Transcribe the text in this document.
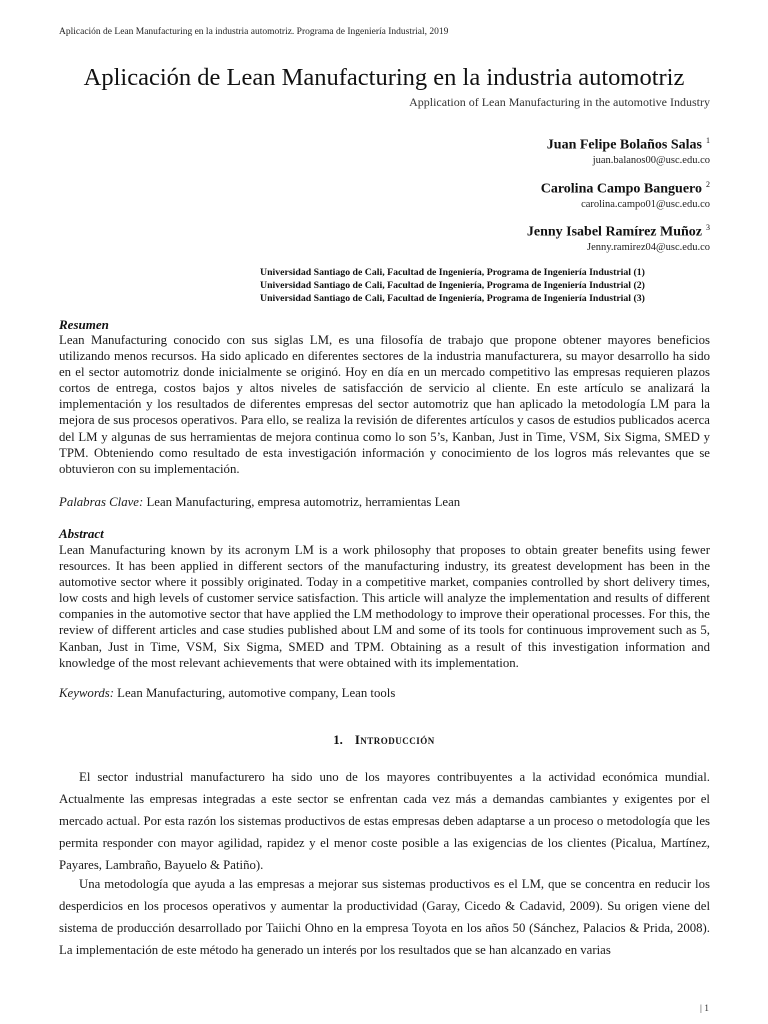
Aplicación de Lean Manufacturing en la industria automotriz. Programa de Ingeniería Industrial, 2019
Aplicación de Lean Manufacturing en la industria automotriz
Application of Lean Manufacturing in the automotive Industry
Juan Felipe Bolaños Salas $^1$
juan.balanos00@usc.edu.co
Carolina Campo Banguero $^2$
carolina.campo01@usc.edu.co
Jenny Isabel Ramírez Muñoz $^3$
Jenny.ramirez04@usc.edu.co
Universidad Santiago de Cali, Facultad de Ingeniería, Programa de Ingeniería Industrial (1)
Universidad Santiago de Cali, Facultad de Ingeniería, Programa de Ingeniería Industrial (2)
Universidad Santiago de Cali, Facultad de Ingeniería, Programa de Ingeniería Industrial (3)
Resumen
Lean Manufacturing conocido con sus siglas LM, es una filosofía de trabajo que propone obtener mayores beneficios utilizando menos recursos. Ha sido aplicado en diferentes sectores de la industria manufacturera, su mayor desarrollo ha sido en el sector automotriz donde inicialmente se originó. Hoy en día en un mercado competitivo las empresas requieren plazos cortos de entrega, costos bajos y altos niveles de satisfacción de servicio al cliente. En este artículo se analizará la implementación y los resultados de diferentes empresas del sector automotriz que han aplicado la metodología LM para la mejora de sus procesos operativos. Para ello, se realiza la revisión de diferentes artículos y casos de estudios publicados acerca del LM y algunas de sus herramientas de mejora continua como lo son 5’s, Kanban, Just in Time, VSM, Six Sigma, SMED y TPM. Obteniendo como resultado de esta investigación información y conocimiento de los logros más relevantes que se obtuvieron con su implementación.
Palabras Clave: Lean Manufacturing, empresa automotriz, herramientas Lean
Abstract
Lean Manufacturing known by its acronym LM is a work philosophy that proposes to obtain greater benefits using fewer resources. It has been applied in different sectors of the manufacturing industry, its greatest development has been in the automotive sector where it possibly originated. Today in a competitive market, companies controlled by short delivery times, low costs and high levels of customer service satisfaction. This article will analyze the implementation and results of different companies in the automotive sector that have applied the LM methodology to improve their operational processes. For this, the review of different articles and case studies published about LM and some of its tools for continuous improvement such as 5, Kanban, Just in Time, VSM, Six Sigma, SMED and TPM. Obtaining as a result of this investigation information and knowledge of the most relevant achievements that were obtained with its implementation.
Keywords: Lean Manufacturing, automotive company, Lean tools
1. Introducción
El sector industrial manufacturero ha sido uno de los mayores contribuyentes a la actividad económica mundial. Actualmente las empresas integradas a este sector se enfrentan cada vez más a demandas cambiantes y exigentes por el mercado actual. Por esta razón los sistemas productivos de estas empresas deben adaptarse a un proceso o metodología que les permita responder con mayor agilidad, rapidez y el menor coste posible a las exigencias de los clientes (Picalua, Martínez, Payares, Lambraño, Bayuelo & Patiño).
Una metodología que ayuda a las empresas a mejorar sus sistemas productivos es el LM, que se concentra en reducir los desperdicios en los procesos operativos y aumentar la productividad (Garay, Cicedo & Cadavid, 2009). Su origen viene del sistema de producción desarrollado por Taiichi Ohno en la empresa Toyota en los años 50 (Sánchez, Palacios & Prida, 2008). La implementación de este método ha generado un interés por los resultados que se han alcanzado en varias
| 1
